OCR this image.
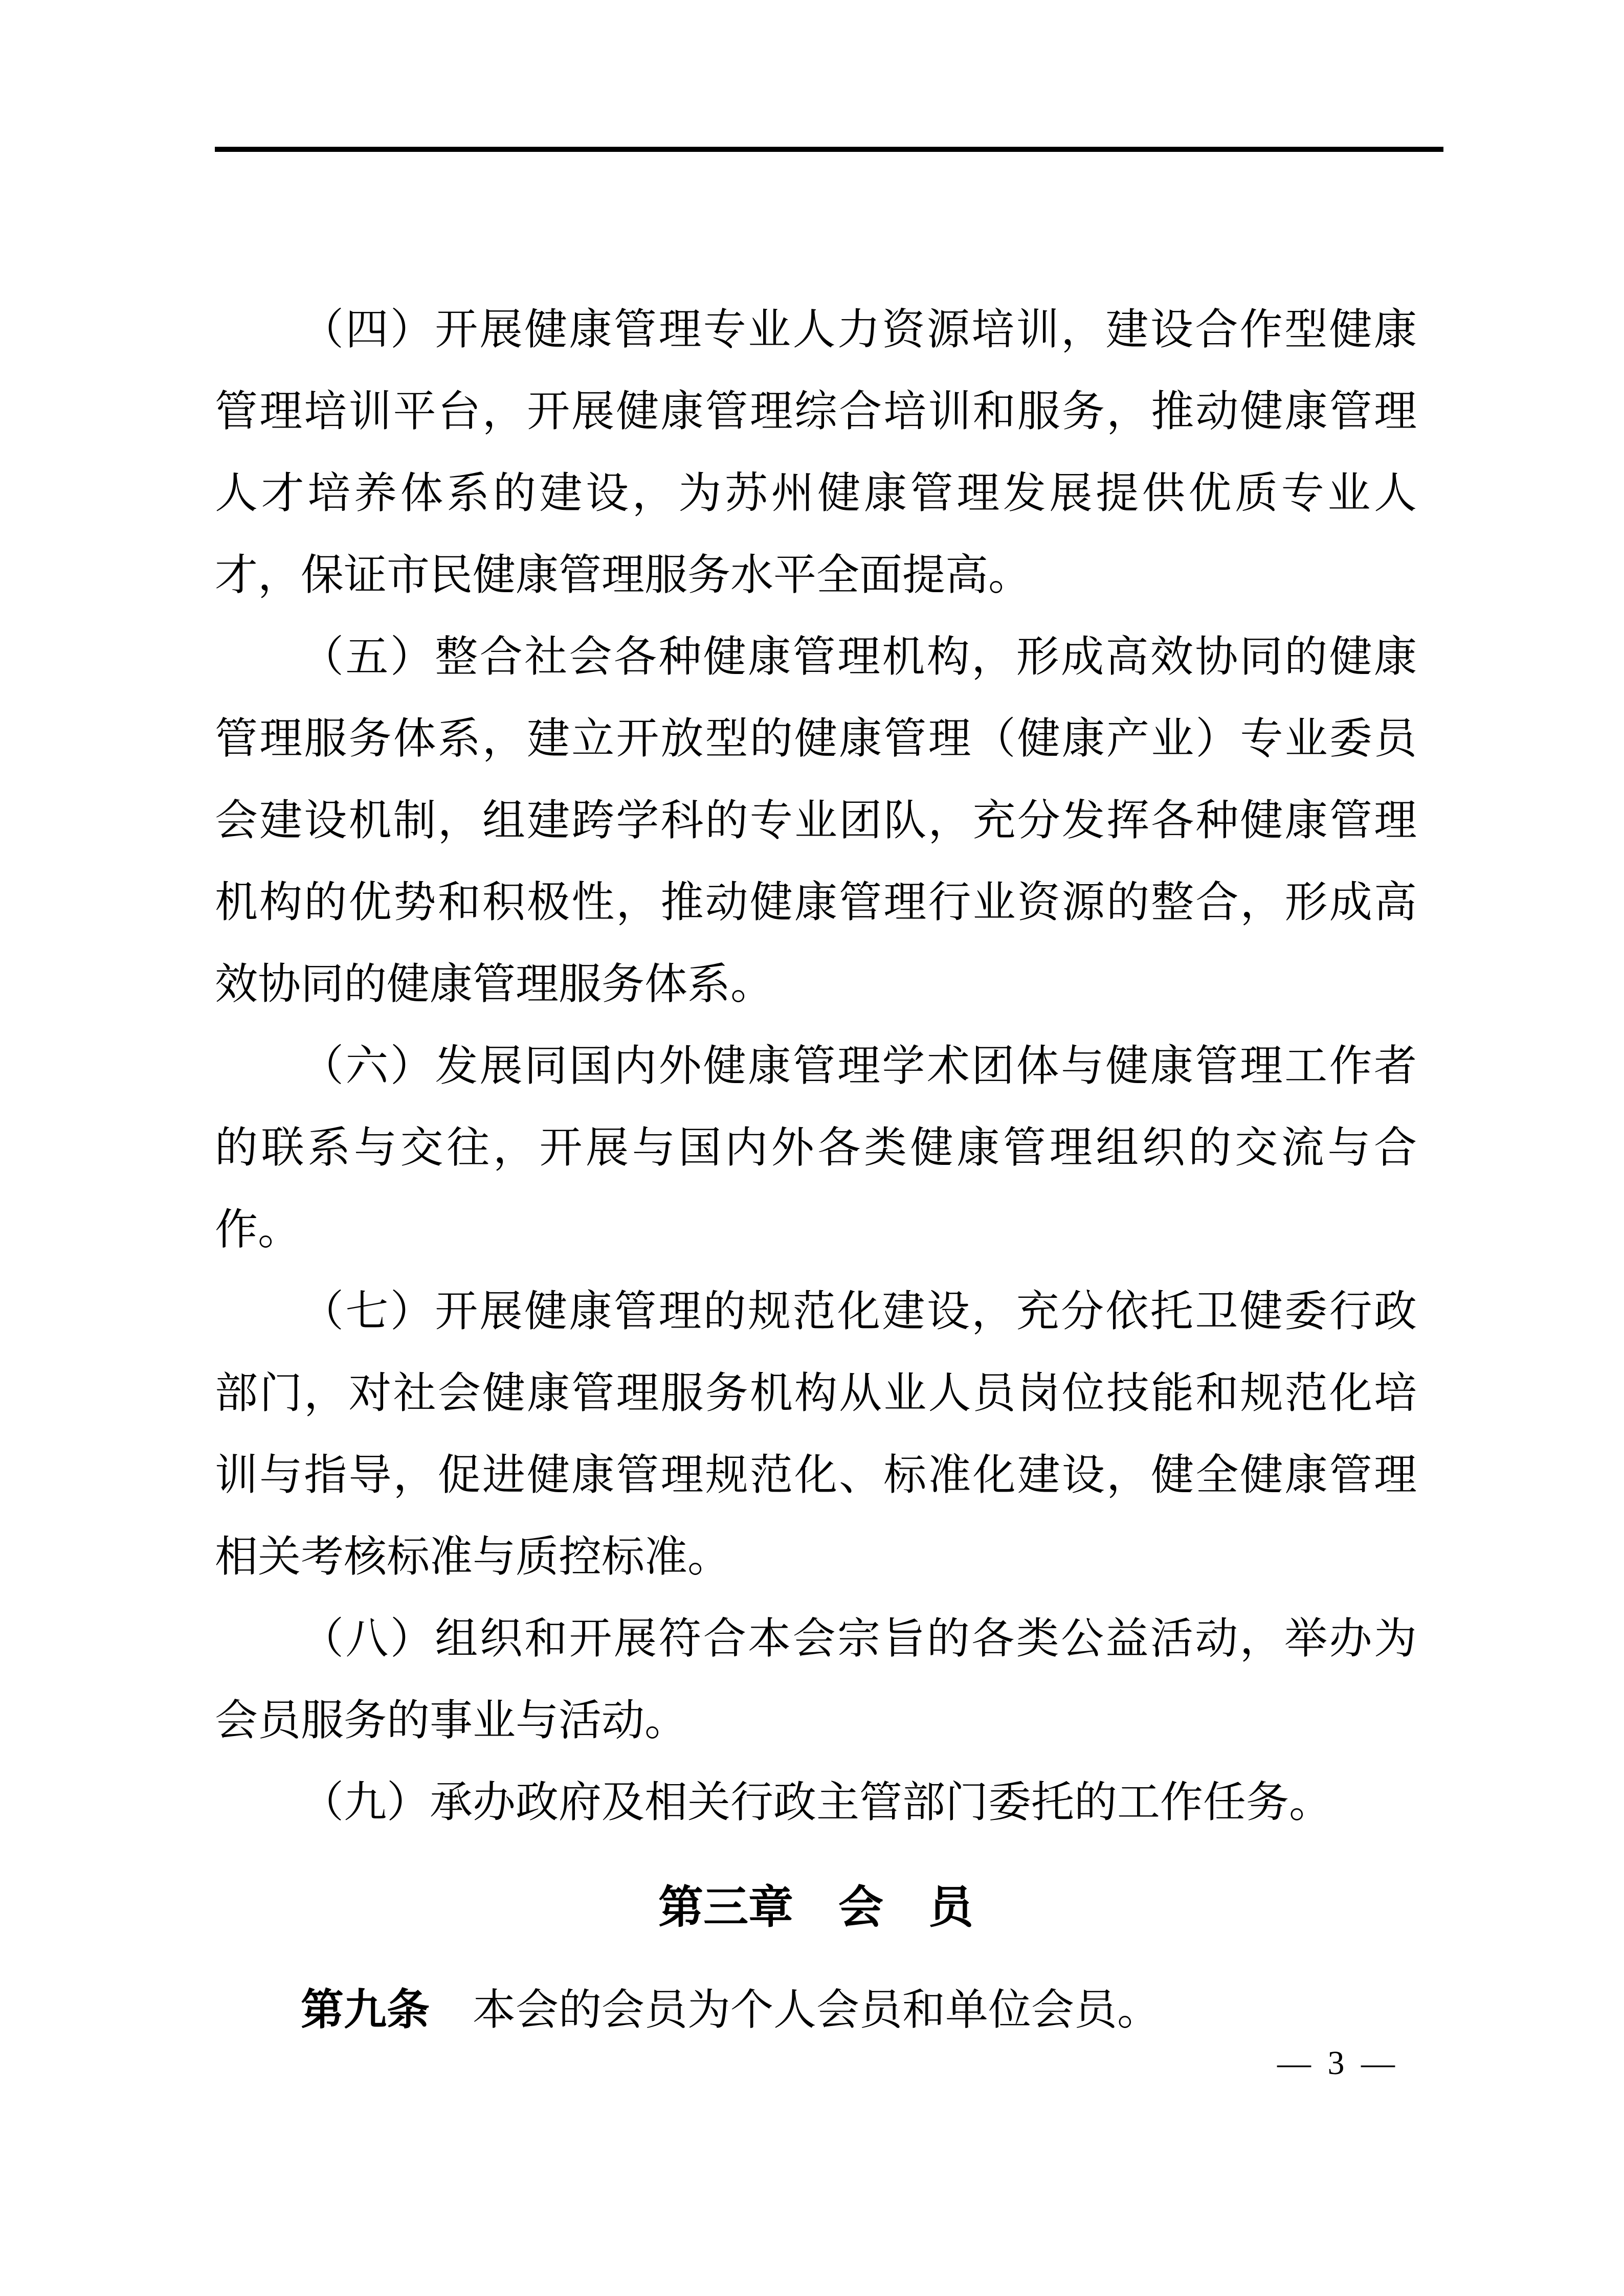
（四）开展健康管理专业人力资源培训，建设合作型健康管理培训平台，开展健康管理综合培训和服务，推动健康管理人才培养体系的建设，为苏州健康管理发展提供优质专业人才，保证市民健康管理服务水平全面提高。

（五）整合社会各种健康管理机构，形成高效协同的健康管理服务体系，建立开放型的健康管理（健康产业）专业委员会建设机制，组建跨学科的专业团队，充分发挥各种健康管理机构的优势和积极性，推动健康管理行业资源的整合，形成高效协同的健康管理服务体系。

（六）发展同国内外健康管理学术团体与健康管理工作者的联系与交往，开展与国内外各类健康管理组织的交流与合作。

（七）开展健康管理的规范化建设，充分依托卫健委行政部门，对社会健康管理服务机构从业人员岗位技能和规范化培训与指导，促进健康管理规范化、标准化建设，健全健康管理相关考核标准与质控标准。

（八）组织和开展符合本会宗旨的各类公益活动，举办为会员服务的事业与活动。

（九）承办政府及相关行政主管部门委托的工作任务。

第三章　会　员

第九条 本会的会员为个人会员和单位会员。

— 3 —
